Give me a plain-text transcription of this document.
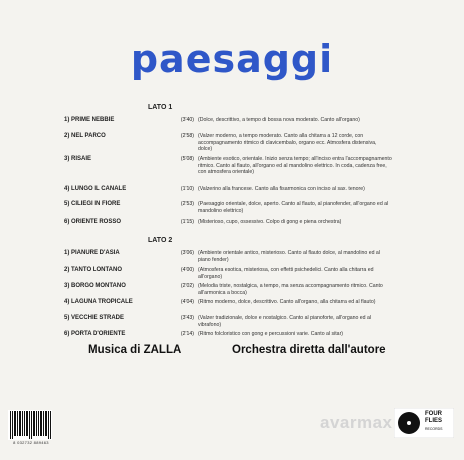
paesaggi
LATO 1
1) PRIME NEBBIE	(3'40) (Dolce, descrittivo, a tempo di bossa nova moderato. Canto all'organo)
2) NEL PARCO	(2'58) (Valzer moderno, a tempo moderato. Canto alla chitarra a 12 corde, con accompagnamento ritmico di clavicembalo, organo ecc. Atmosfera distensiva, dolce)
3) RISAIE	(5'08) (Ambiente esotico, orientale. Inizio senza tempo; all'inciso entra l'accompagnamento ritmico. Canto al flauto, all'organo ed al mandolino elettrico. In coda, cadenza free, con atmosfera orientale)
4) LUNGO IL CANALE	(1'10) (Valzerino alla francese. Canto alla fisarmonica con inciso al sax. tenore)
5) CILIEGI IN FIORE	(2'53) (Paesaggio orientale, dolce, aperto. Canto al flauto, al pianofender, all'organo ed al mandolino elettrico)
6) ORIENTE ROSSO	(1'15) (Misterioso, cupo, ossessivo. Colpo di gong e piena orchestra)
LATO 2
1) PIANURE D'ASIA	(3'06) (Ambiente orientale antico, misterioso. Canto al flauto dolce, al mandolino ed al piano fender)
2) TANTO LONTANO	(4'00) (Atmosfera esotica, misteriosa, con effetti psichedelici. Canto alla chitarra ed all'organo)
3) BORGO MONTANO	(2'02) (Melodia triste, nostalgica, a tempo, ma senza accompagnamento ritmico. Canto all'armonica a bocca)
4) LAGUNA TROPICALE	(4'04) (Ritmo moderno, dolce, descrittivo. Canto all'organo, alla chitarra ed al flauto)
5) VECCHIE STRADE	(3'43) (Valzer tradizionale, dolce e nostalgico. Canto al pianoforte, all'organo ed al vibrafono)
6) PORTA D'ORIENTE	(2'14) (Ritmo folcloristico con gong e percussioni varie. Canto al sitar)
Musica di ZALLA	Orchestra diretta dall'autore
avarmax
8 032732 889463
FOUR
FLIES
RECORDS
